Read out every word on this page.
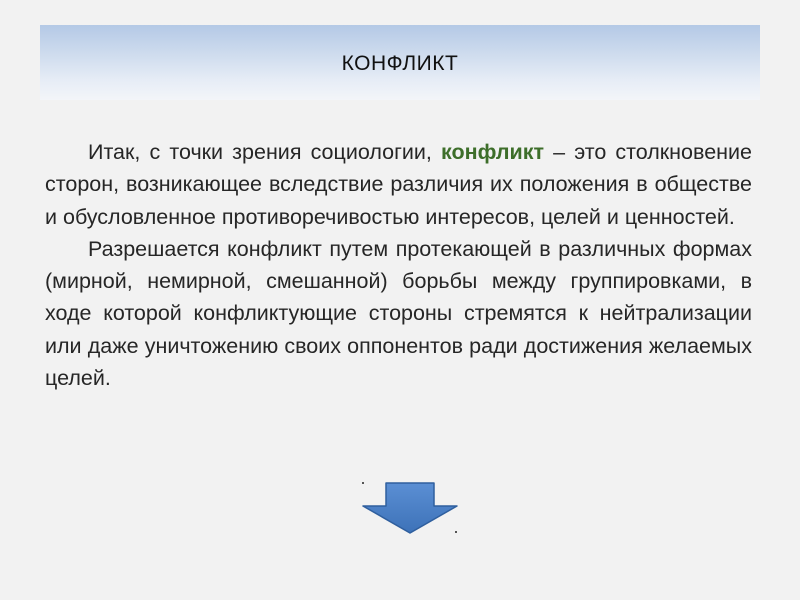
КОНФЛИКТ

Итак, с точки зрения социологии, конфликт – это столкновение сторон, возникающее вследствие различия их положения в обществе и обусловленное противоречивостью интересов, целей и ценностей.

Разрешается конфликт путем протекающей в различных формах (мирной, немирной, смешанной) борьбы между группировками, в ходе которой конфликтующие стороны стремятся к нейтрализации или даже уничтожению своих оппонентов ради достижения желаемых целей.
